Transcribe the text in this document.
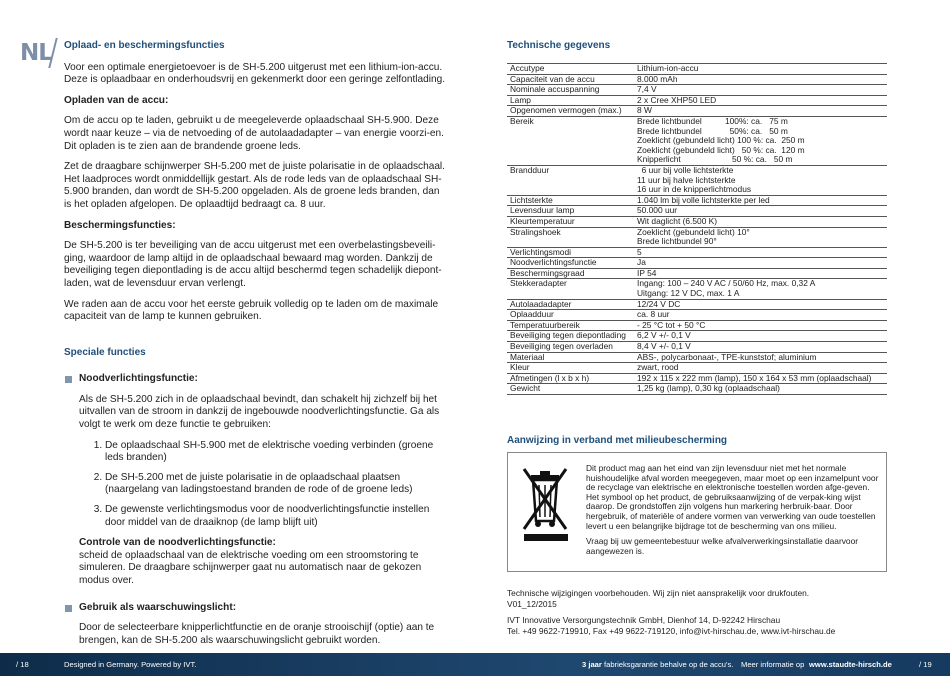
NL	Oplaad- en beschermingsfuncties

Voor een optimale energietoevoer is de SH-5.200 uitgerust met een lithium-ion-accu. Deze is oplaadbaar en onderhoudsvrij en gekenmerkt door een geringe zelfontlading.

Opladen van de accu:

Om de accu op te laden, gebruikt u de meegeleverde oplaadschaal SH-5.900. Deze wordt naar keuze – via de netvoeding of de autolaadadapter – van energie voorzi-en. Dit opladen is te zien aan de brandende groene leds.

Zet de draagbare schijnwerper SH-5.200 met de juiste polarisatie in de oplaadschaal. Het laadproces wordt onmiddellijk gestart. Als de rode leds van de oplaadschaal SH-5.900 branden, dan wordt de SH-5.200 opgeladen. Als de groene leds branden, dan is het opladen afgelopen. De oplaadtijd bedraagt ca. 8 uur.

Beschermingsfuncties:

De SH-5.200 is ter beveiliging van de accu uitgerust met een overbelastingsbeveili-ging, waardoor de lamp altijd in de oplaadschaal bewaard mag worden. Dankzij de beveiliging tegen diepontlading is de accu altijd beschermd tegen schadelijk diepont-laden, wat de levensduur ervan verlengt.

We raden aan de accu voor het eerste gebruik volledig op te laden om de maximale capaciteit van de lamp te kunnen gebruiken.

Speciale functies
Noodverlichtingsfunctie:

Als de SH-5.200 zich in de oplaadschaal bevindt, dan schakelt hij zichzelf bij het uitvallen van de stroom in dankzij de ingebouwde noodverlichtingsfunctie. Ga als volgt te werk om deze functie te gebruiken:

1. De oplaadschaal SH-5.900 met de elektrische voeding verbinden (groene leds branden)
2. De SH-5.200 met de juiste polarisatie in de oplaadschaal plaatsen (naargelang van ladingstoestand branden de rode of de groene leds)
3. De gewenste verlichtingsmodus voor de noodverlichtingsfunctie instellen door middel van de draaiknop (de lamp blijft uit)
Controle van de noodverlichtingsfunctie:

scheid de oplaadschaal van de elektrische voeding om een stroomstoring te simuleren. De draagbare schijnwerper gaat nu automatisch naar de gekozen modus over.

Gebruik als waarschuwingslicht:

Door de selecteerbare knipperlichtfunctie en de oranje strooischijf (optie) aan te brengen, kan de SH-5.200 als waarschuwingslicht gebruikt worden.

Technische gegevens
Accutype	Lithium-ion-accu
Capaciteit van de accu	8.000 mAh
Nominale accuspanning	7,4 V
Lamp	2 x Cree XHP50 LED
Opgenomen vermogen (max.)	8 W
Bereik	Brede lichtbundel          100%: ca.   75 m
Brede lichtbundel            50%: ca.   50 m
Zoeklicht (gebundeld licht) 100 %: ca.  250 m
Zoeklicht (gebundeld licht)   50 %: ca.  120 m
Knipperlicht                      50 %: ca.   50 m
Brandduur	6 uur bij volle lichtsterkte
11 uur bij halve lichtsterkte
16 uur in de knipperlichtmodus
Lichtsterkte	1.040 lm bij volle lichtsterkte per led
Levensduur lamp	50.000 uur
Kleurtemperatuur	Wit daglicht (6.500 K)
Stralingshoek	Zoeklicht (gebundeld licht) 10°
Brede lichtbundel 90°
Verlichtingsmodi	5
Noodverlichtingsfunctie	Ja
Beschermingsgraad	IP 54
Stekkeradapter	Ingang: 100 – 240 V AC / 50/60 Hz, max. 0,32 A
Uitgang: 12 V DC, max. 1 A
Autolaadadapter	12/24 V DC
Oplaadduur	ca. 8 uur
Temperatuurbereik	- 25 °C tot + 50 °C
Beveiliging tegen diepontlading	6,2 V +/- 0,1 V
Beveiliging tegen overladen	8,4 V +/- 0,1 V
Materiaal	ABS-, polycarbonaat-, TPE-kunststof; aluminium
Kleur	zwart, rood
Afmetingen (l x b x h)	192 x 115 x 222 mm (lamp), 150 x 164 x 53 mm (oplaadschaal)
Gewicht	1,25 kg (lamp), 0,30 kg (oplaadschaal)
Aanwijzing in verband met milieubescherming

Dit product mag aan het eind van zijn levensduur niet met het normale huishoudelijke afval worden meegegeven, maar moet op een inzamelpunt voor de recyclage van elektrische en elektronische toestellen worden afge-geven. Het symbool op het product, de gebruiksaanwijzing of de verpak-king wijst daarop. De grondstoffen zijn volgens hun markering herbruik-baar. Door hergebruik, of materiële of andere vormen van verwerking van oude toestellen levert u een belangrijke bijdrage tot de bescherming van ons milieu.

Vraag bij uw gemeentebestuur welke afvalverwerkingsinstallatie daarvoor aangewezen is.

Technische wijzigingen voorbehouden. Wij zijn niet aansprakelijk voor drukfouten.
V01_12/2015
IVT Innovative Versorgungstechnik GmbH, Dienhof 14, D-92242 Hirschau
Tel. +49 9622-719910, Fax +49 9622-719120, info@ivt-hirschau.de, www.ivt-hirschau.de
/ 18	Designed in Germany. Powered by IVT.	3 jaar fabrieksgarantie behalve op de accu's. Meer informatie op www.staudte-hirsch.de	/ 19
